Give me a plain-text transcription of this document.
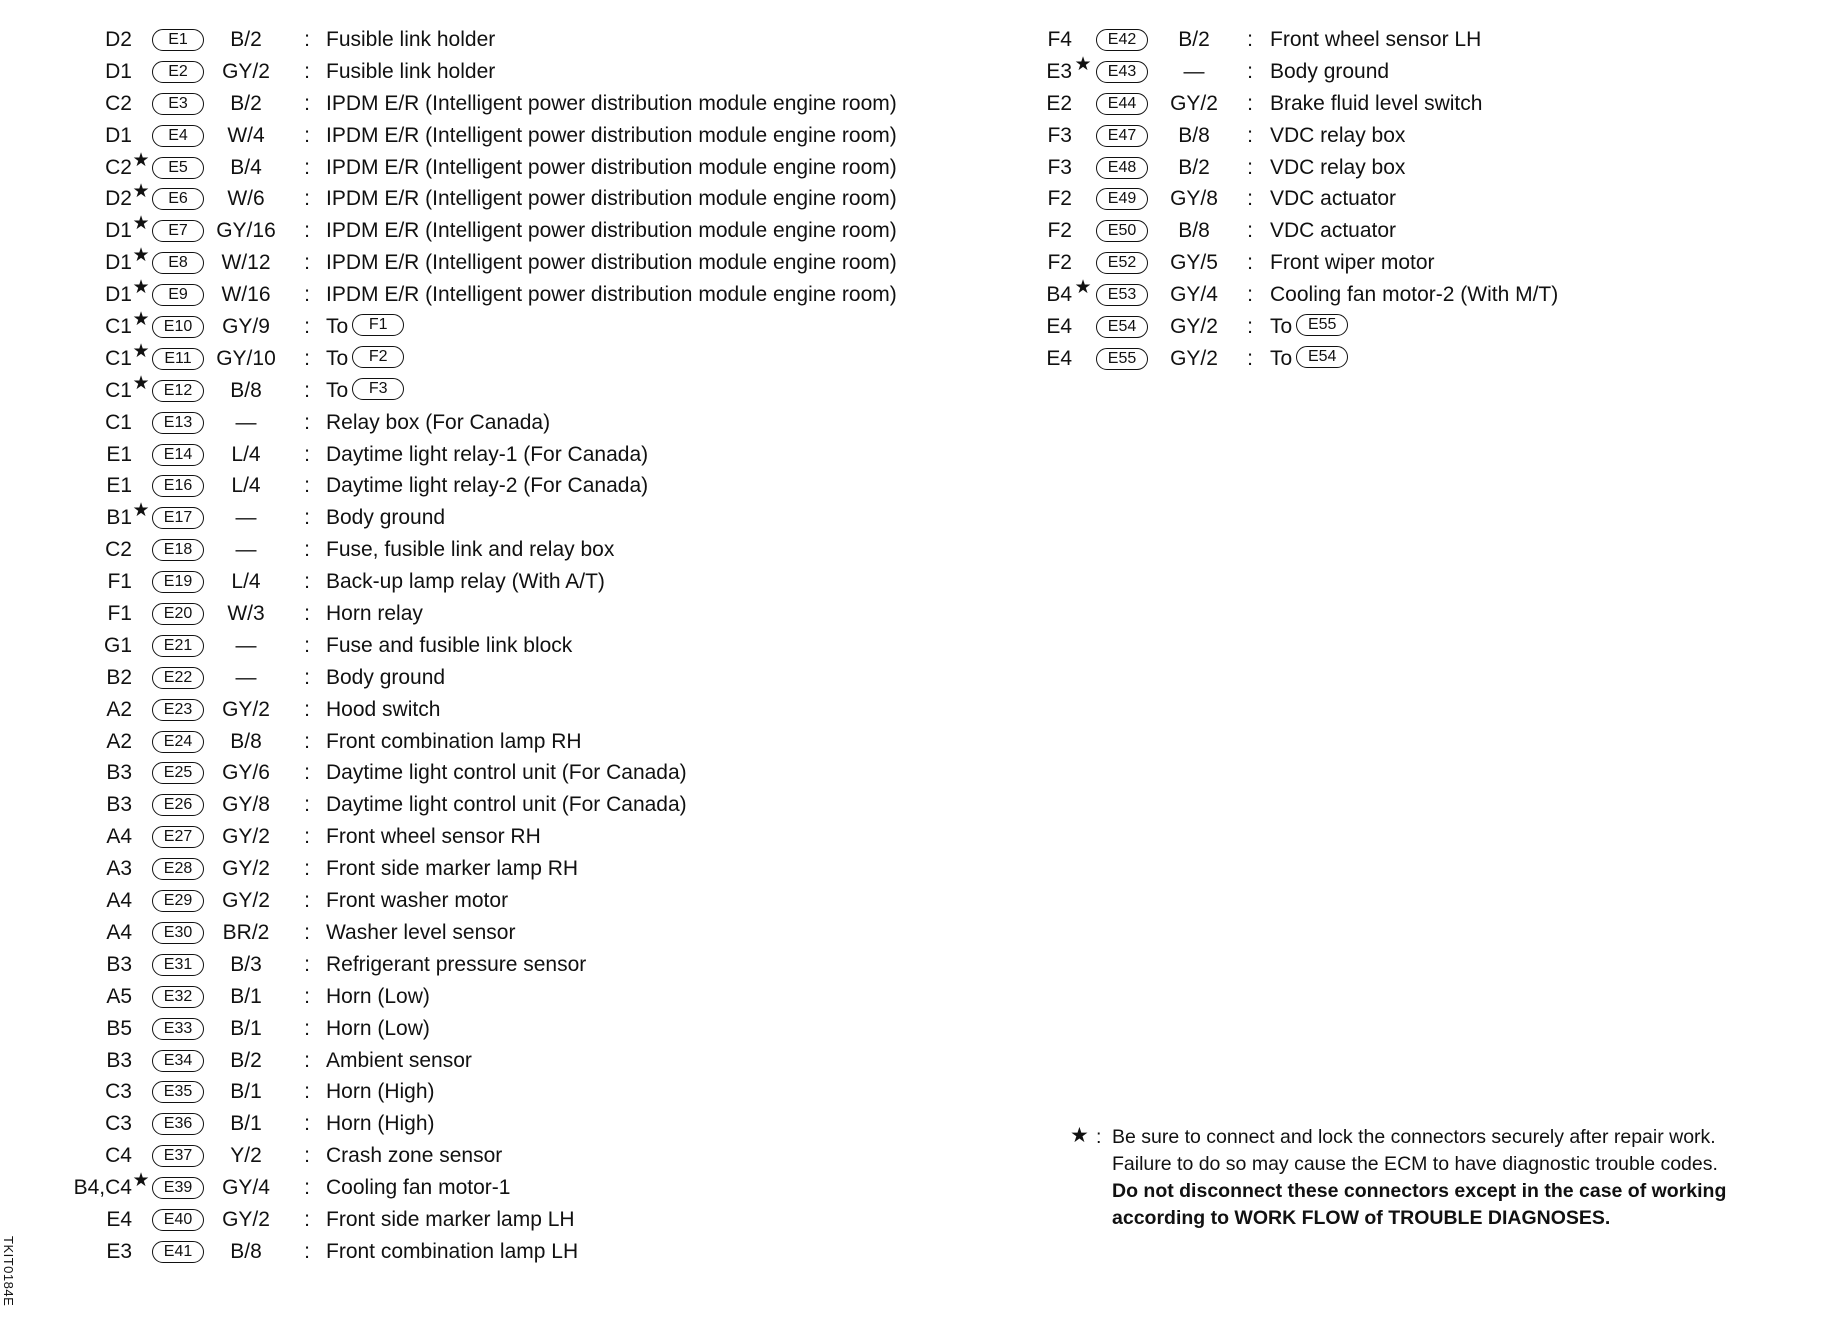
D2	E1	B/2	: Fusible link holder
D1	E2	GY/2	: Fusible link holder
C2	E3	B/2	: IPDM E/R (Intelligent power distribution module engine room)
D1	E4	W/4	: IPDM E/R (Intelligent power distribution module engine room)
C2 ★	E5	B/4	: IPDM E/R (Intelligent power distribution module engine room)
D2 ★	E6	W/6	: IPDM E/R (Intelligent power distribution module engine room)
D1 ★	E7	GY/16 : IPDM E/R (Intelligent power distribution module engine room)
D1 ★	E8	W/12	: IPDM E/R (Intelligent power distribution module engine room)
D1 ★	E9	W/16	: IPDM E/R (Intelligent power distribution module engine room)
C1 ★ E10	GY/9	: To F1
C1 ★ E11	GY/10 : To F2
C1 ★ E12	B/8	: To F3
C1	E13	—	: Relay box (For Canada)
E1	E14	L/4	: Daytime light relay-1 (For Canada)
E1	E16	L/4	: Daytime light relay-2 (For Canada)
B1 ★ E17	—	: Body ground
C2	E18	—	: Fuse, fusible link and relay box
F1	E19	L/4	: Back-up lamp relay (With A/T)
F1	E20	W/3	: Horn relay
G1	E21	—	: Fuse and fusible link block
B2	E22	—	: Body ground
A2	E23	GY/2	: Hood switch
A2	E24	B/8	: Front combination lamp RH
B3	E25	GY/6	: Daytime light control unit (For Canada)
B3	E26	GY/8	: Daytime light control unit (For Canada)
A4	E27	GY/2	: Front wheel sensor RH
A3	E28	GY/2	: Front side marker lamp RH
A4	E29	GY/2	: Front washer motor
A4	E30	BR/2	: Washer level sensor
B3	E31	B/3	: Refrigerant pressure sensor
A5	E32	B/1	: Horn (Low)
B5	E33	B/1	: Horn (Low)
B3	E34	B/2	: Ambient sensor
C3	E35	B/1	: Horn (High)
C3	E36	B/1	: Horn (High)
C4	E37	Y/2	: Crash zone sensor
B4,C4 ★ E39	GY/4	: Cooling fan motor-1
E4	E40	GY/2	: Front side marker lamp LH
E3	E41	B/8	: Front combination lamp LH
F4	E42	B/2	: Front wheel sensor LH
E3 ★	E43	—	: Body ground
E2	E44	GY/2	: Brake fluid level switch
F3	E47	B/8	: VDC relay box
F3	E48	B/2	: VDC relay box
F2	E49	GY/8	: VDC actuator
F2	E50	B/8	: VDC actuator
F2	E52	GY/5	: Front wiper motor
B4 ★	E53	GY/4	: Cooling fan motor-2 (With M/T)
E4	E54	GY/2	: To E55
E4	E55	GY/2	: To E54
★ : Be sure to connect and lock the connectors securely after repair work.
Failure to do so may cause the ECM to have diagnostic trouble codes.
Do not disconnect these connectors except in the case of working
according to WORK FLOW of TROUBLE DIAGNOSES.
TKIT0184E
